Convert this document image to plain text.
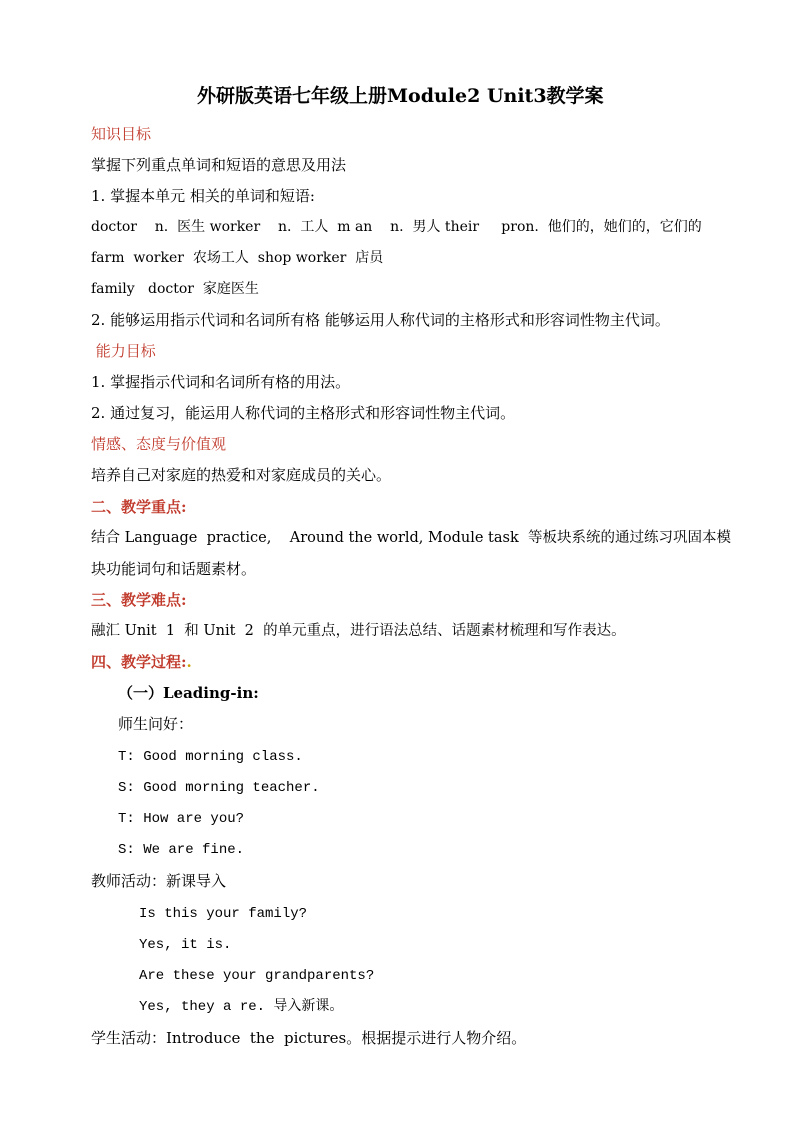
外研版英语七年级上册Module2 Unit3教学案
知识目标
掌握下列重点单词和短语的意思及用法
1. 掌握本单元 相关的单词和短语:
doctor    n.  医生 worker    n.  工人  m an    n.  男人 their     pron.  他们的，她们的，它们的
farm  worker  农场工人  shop worker  店员
family   doctor  家庭医生
2. 能够运用指示代词和名词所有格 能够运用人称代词的主格形式和形容词性物主代词。
能力目标
1. 掌握指示代词和名词所有格的用法。
2. 通过复习，能运用人称代词的主格形式和形容词性物主代词。
情感、态度与价值观
培养自己对家庭的热爱和对家庭成员的关心。
二、教学重点:
结合 Language  practice,    Around the world, Module task  等板块系统的通过练习巩固本模
块功能词句和话题素材。
三、教学难点:
融汇 Unit  1  和 Unit  2  的单元重点，进行语法总结、话题素材梳理和写作表达。
四、教学过程:.
（一）Leading-in:
师生问好：
T: Good morning class.
S: Good morning teacher.
T: How are you?
S: We are fine.
教师活动：新课导入
Is this your family?
Yes, it is.
Are these your grandparents?
Yes, they a re. 导入新课。
学生活动：Introduce  the  pictures。根据提示进行人物介绍。
